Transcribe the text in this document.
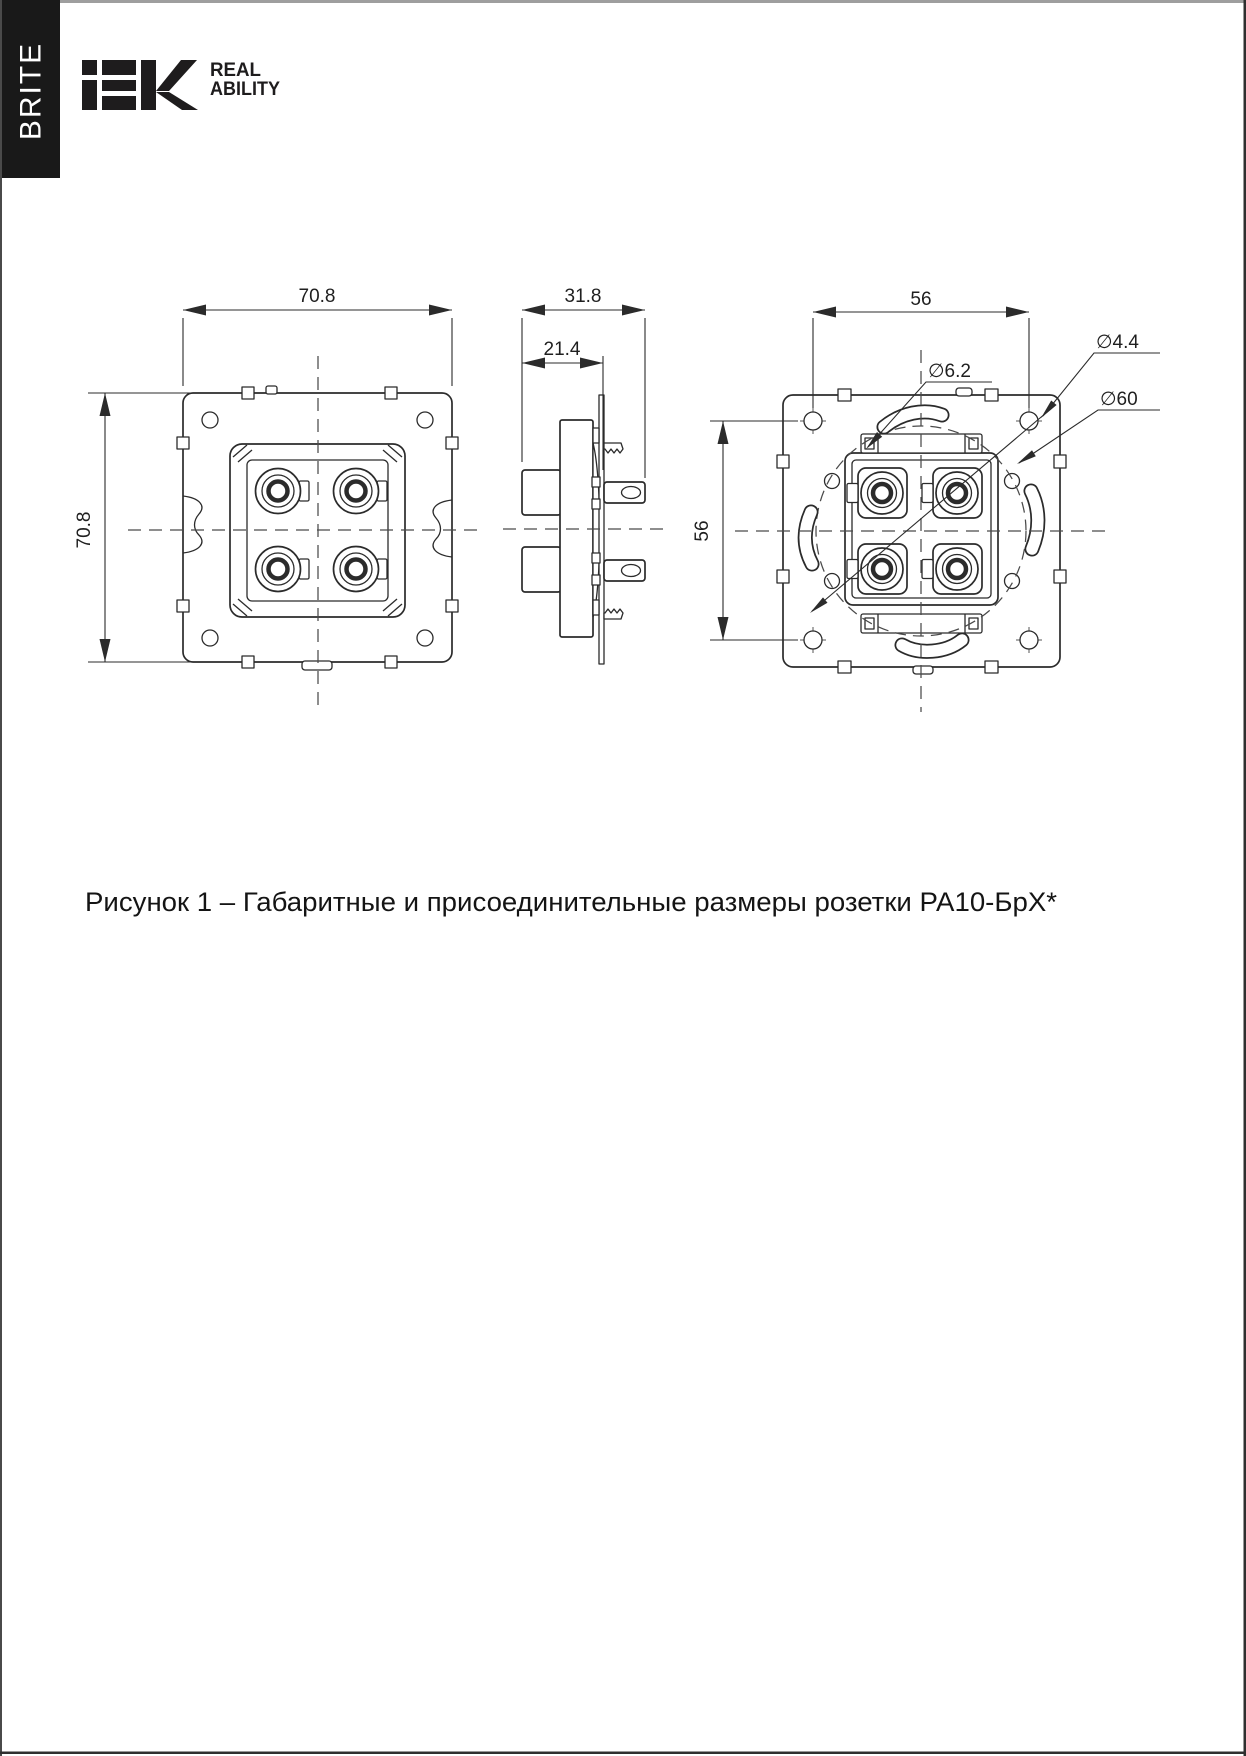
BRITE	REAL
ABILITY
70.8
70.8
31.8
21.4
56
56
∅6.2
∅4.4
∅60
Рисунок 1 – Габаритные и присоединительные размеры розетки РА10-БрХ*
